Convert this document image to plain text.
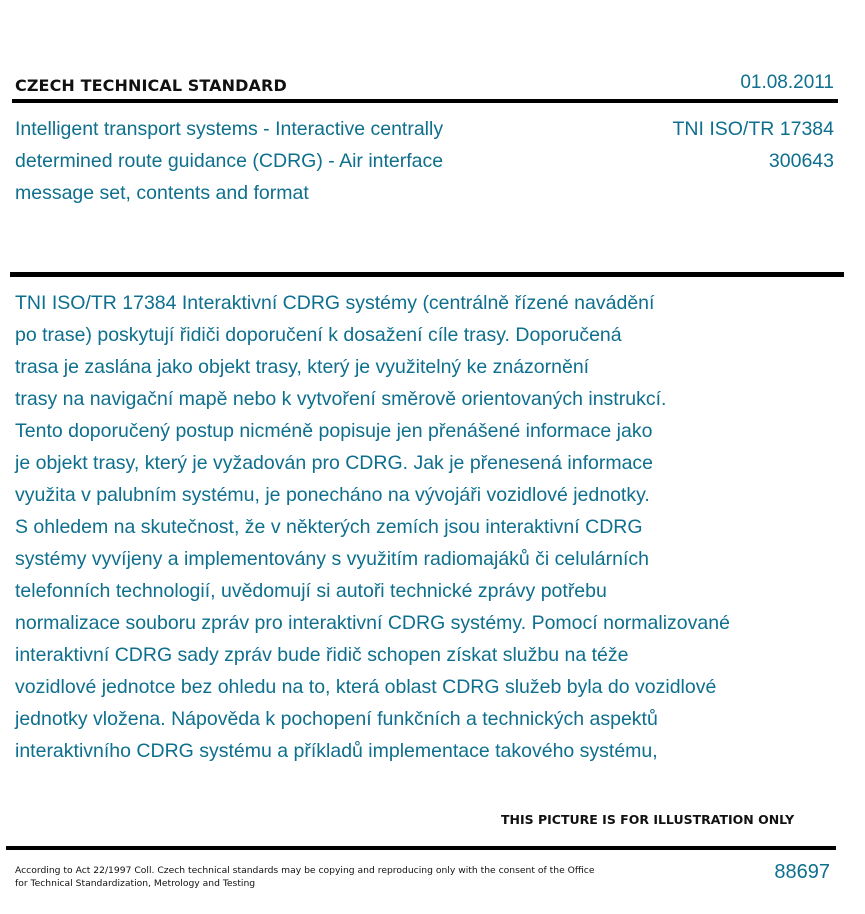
CZECH TECHNICAL STANDARD	01.08.2011
Intelligent transport systems - Interactive centrally
determined route guidance (CDRG) - Air interface
message set, contents and format
TNI ISO/TR 17384
300643
TNI ISO/TR 17384 Interaktivní CDRG systémy (centrálně řízené navádění
po trase) poskytují řidiči doporučení k dosažení cíle trasy. Doporučená
trasa je zaslána jako objekt trasy, který je využitelný ke znázornění
trasy na navigační mapě nebo k vytvoření směrově orientovaných instrukcí.
Tento doporučený postup nicméně popisuje jen přenášené informace jako
je objekt trasy, který je vyžadován pro CDRG. Jak je přenesená informace
využita v palubním systému, je ponecháno na vývojáři vozidlové jednotky.
S ohledem na skutečnost, že v některých zemích jsou interaktivní CDRG
systémy vyvíjeny a implementovány s využitím radiomajáků či celulárních
telefonních technologií, uvědomují si autoři technické zprávy potřebu
normalizace souboru zpráv pro interaktivní CDRG systémy. Pomocí normalizované
interaktivní CDRG sady zpráv bude řidič schopen získat službu na téže
vozidlové jednotce bez ohledu na to, která oblast CDRG služeb byla do vozidlové
jednotky vložena. Nápověda k pochopení funkčních a technických aspektů
interaktivního CDRG systému a příkladů implementace takového systému,
THIS PICTURE IS FOR ILLUSTRATION ONLY
According to Act 22/1997 Coll. Czech technical standards may be copying and reproducing only with the consent of the Office
for Technical Standardization, Metrology and Testing
88697
